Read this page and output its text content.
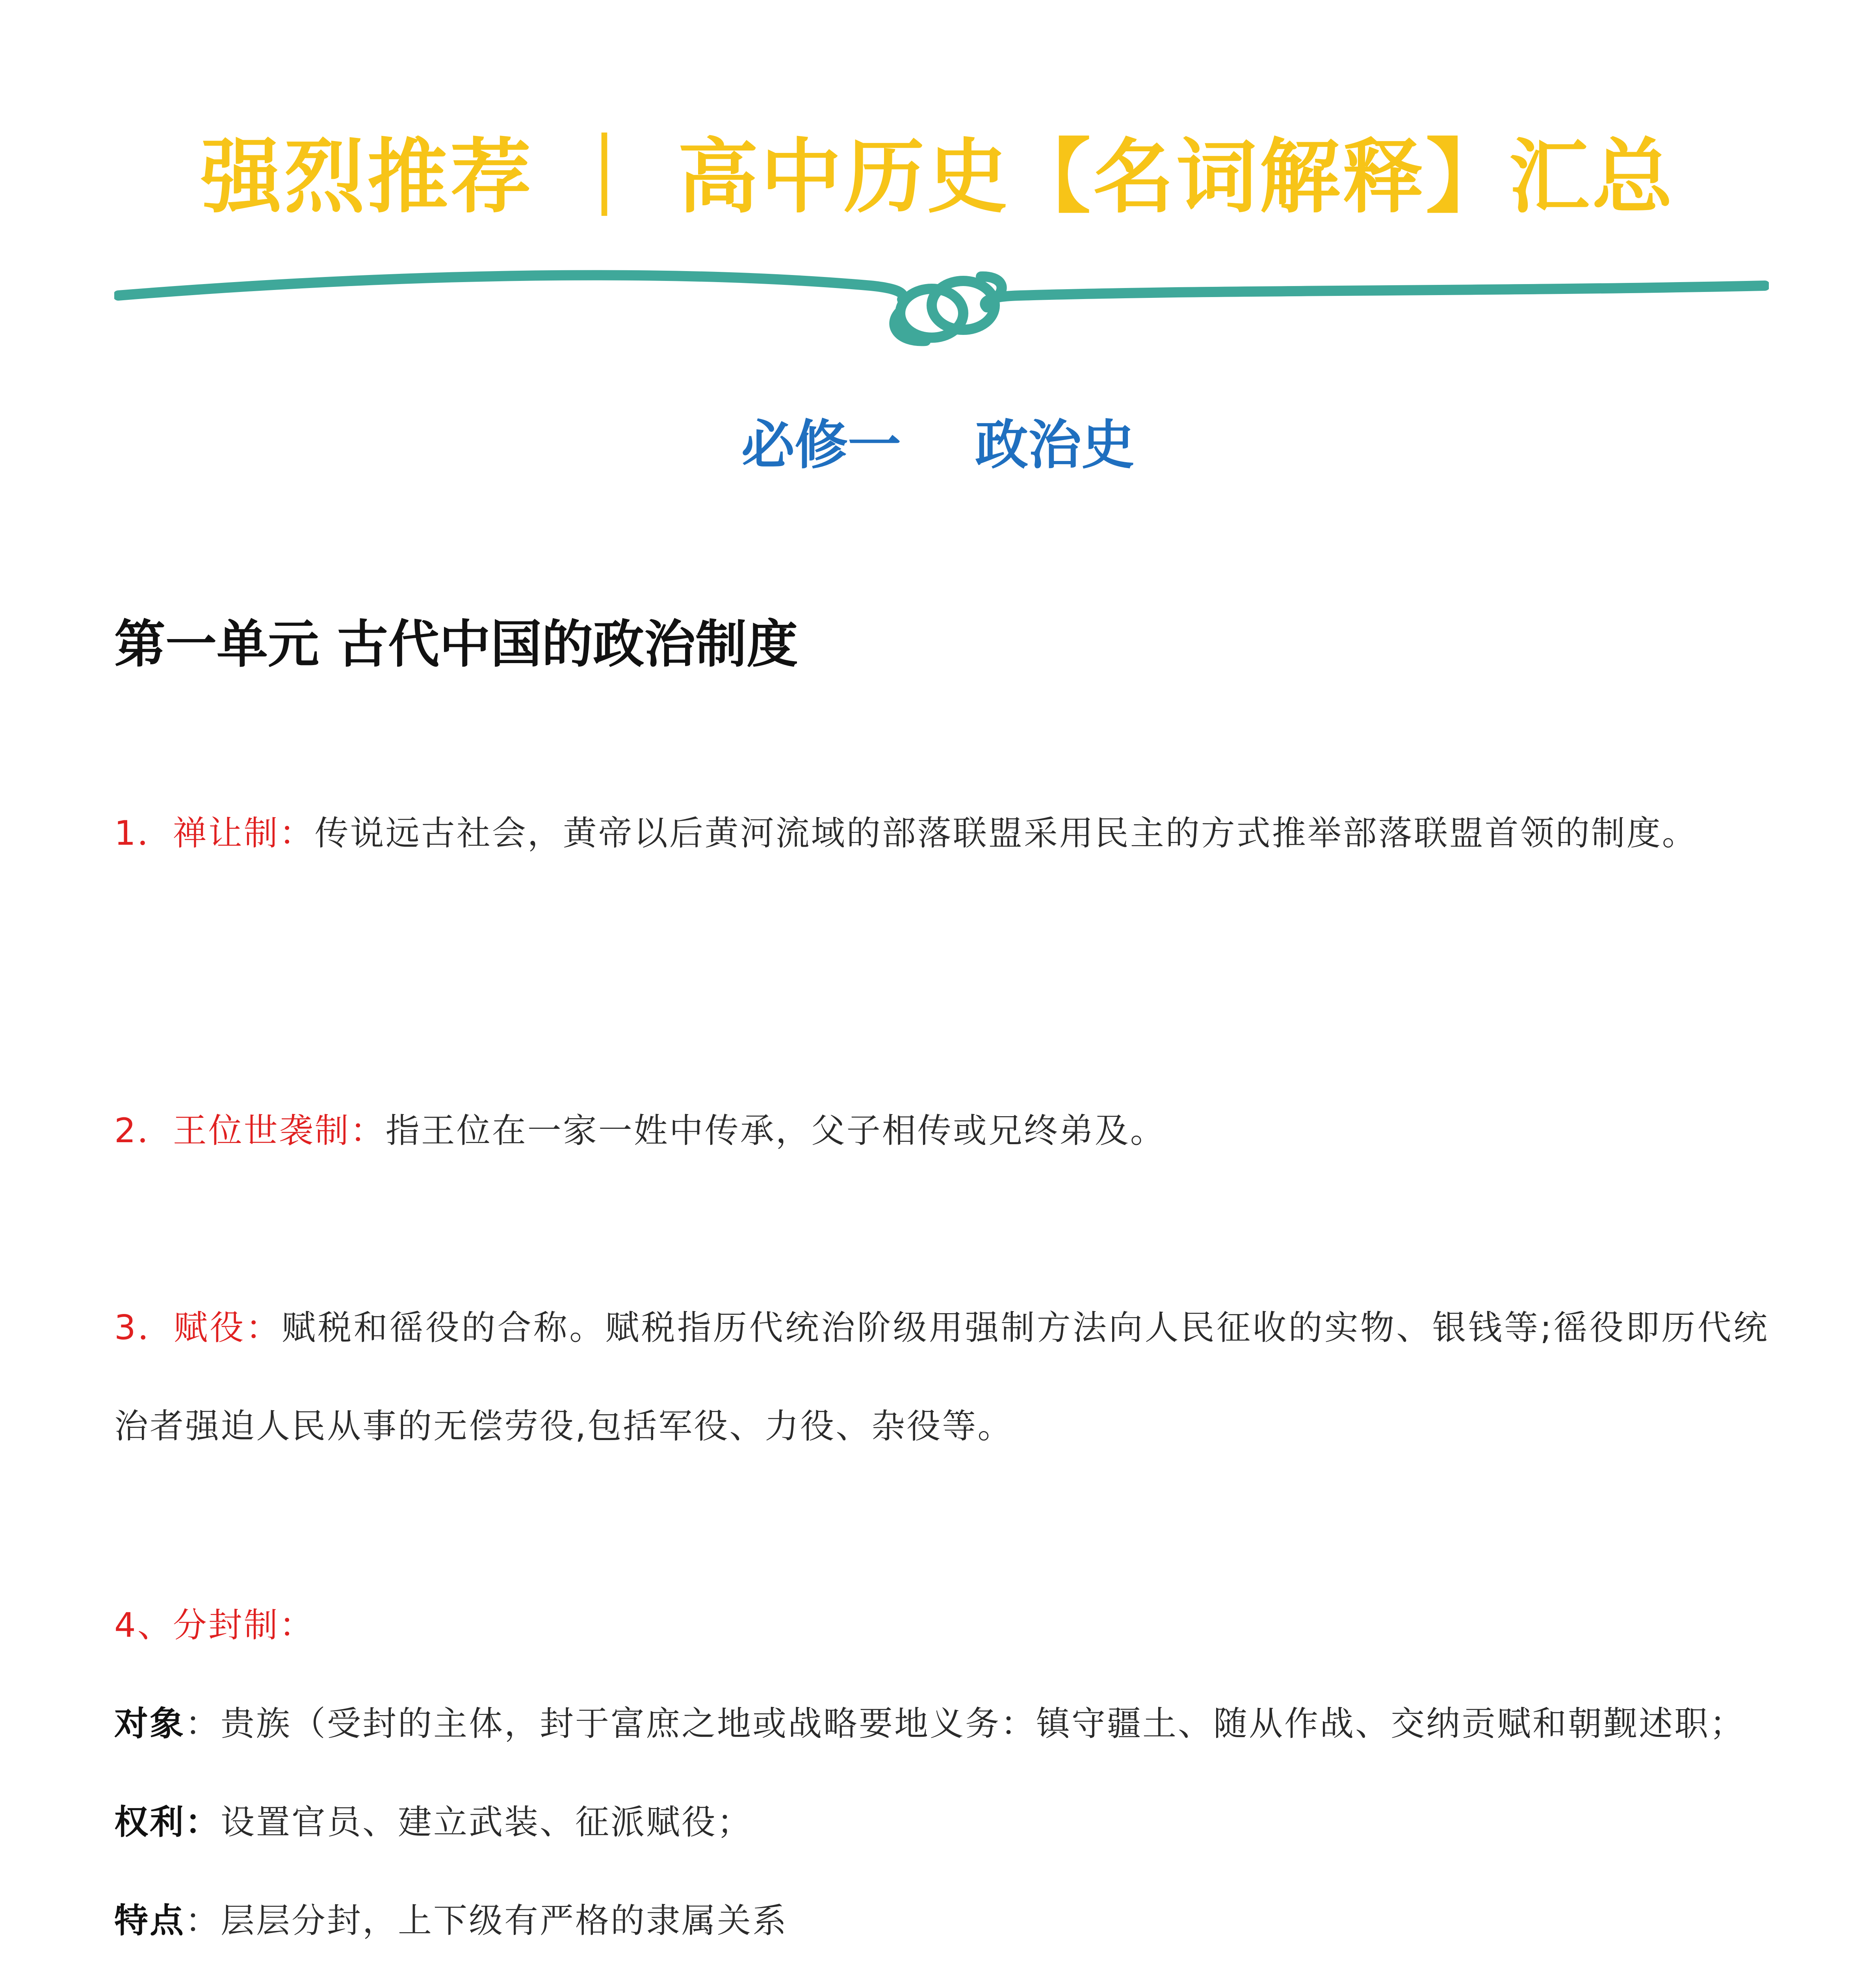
强烈推荐 ｜ 高中历史【名词解释】汇总
必修一    政治史
第一单元 古代中国的政治制度
1．禅让制：传说远古社会，黄帝以后黄河流域的部落联盟采用民主的方式推举部落联盟首领的制度。
2．王位世袭制：指王位在一家一姓中传承，父子相传或兄终弟及。
3．赋役：赋税和徭役的合称。赋税指历代统治阶级用强制方法向人民征收的实物、银钱等;徭役即历代统治者强迫人民从事的无偿劳役,包括军役、力役、杂役等。
4、分封制：
对象：贵族（受封的主体，封于富庶之地或战略要地义务：镇守疆土、随从作战、交纳贡赋和朝觐述职；
权利：设置官员、建立武装、征派赋役；
特点：层层分封，上下级有严格的隶属关系
